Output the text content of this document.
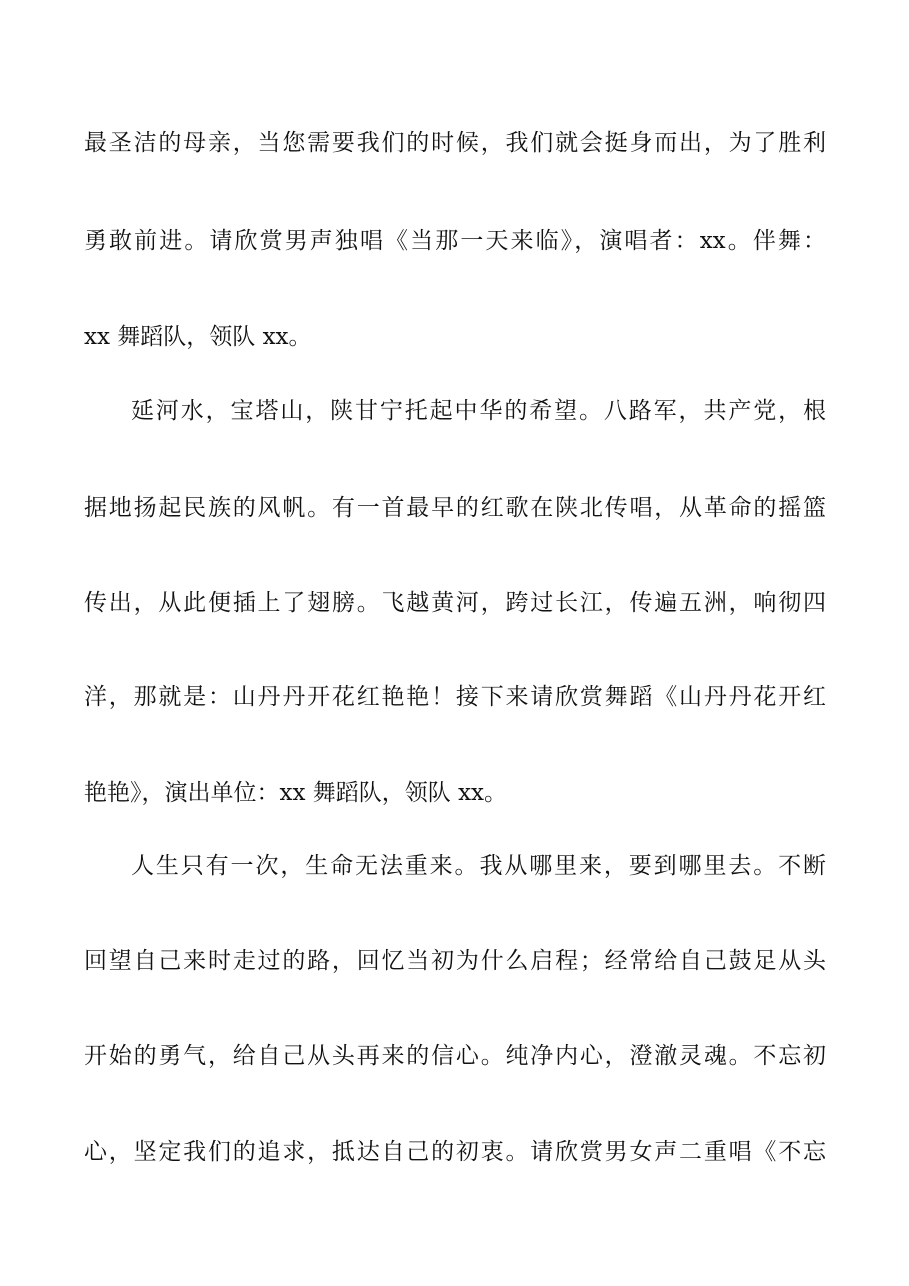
最圣洁的母亲，当您需要我们的时候，我们就会挺身而出，为了胜利
勇敢前进。请欣赏男声独唱《当那一天来临》，演唱者：xx。伴舞：
xx 舞蹈队，领队 xx。
延河水，宝塔山，陕甘宁托起中华的希望。八路军，共产党，根
据地扬起民族的风帆。有一首最早的红歌在陕北传唱，从革命的摇篮
传出，从此便插上了翅膀。飞越黄河，跨过长江，传遍五洲，响彻四
洋，那就是：山丹丹开花红艳艳！接下来请欣赏舞蹈《山丹丹花开红
艳艳》，演出单位：xx 舞蹈队，领队 xx。
人生只有一次，生命无法重来。我从哪里来，要到哪里去。不断
回望自己来时走过的路，回忆当初为什么启程；经常给自己鼓足从头
开始的勇气，给自己从头再来的信心。纯净内心，澄澈灵魂。不忘初
心，坚定我们的追求，抵达自己的初衷。请欣赏男女声二重唱《不忘
